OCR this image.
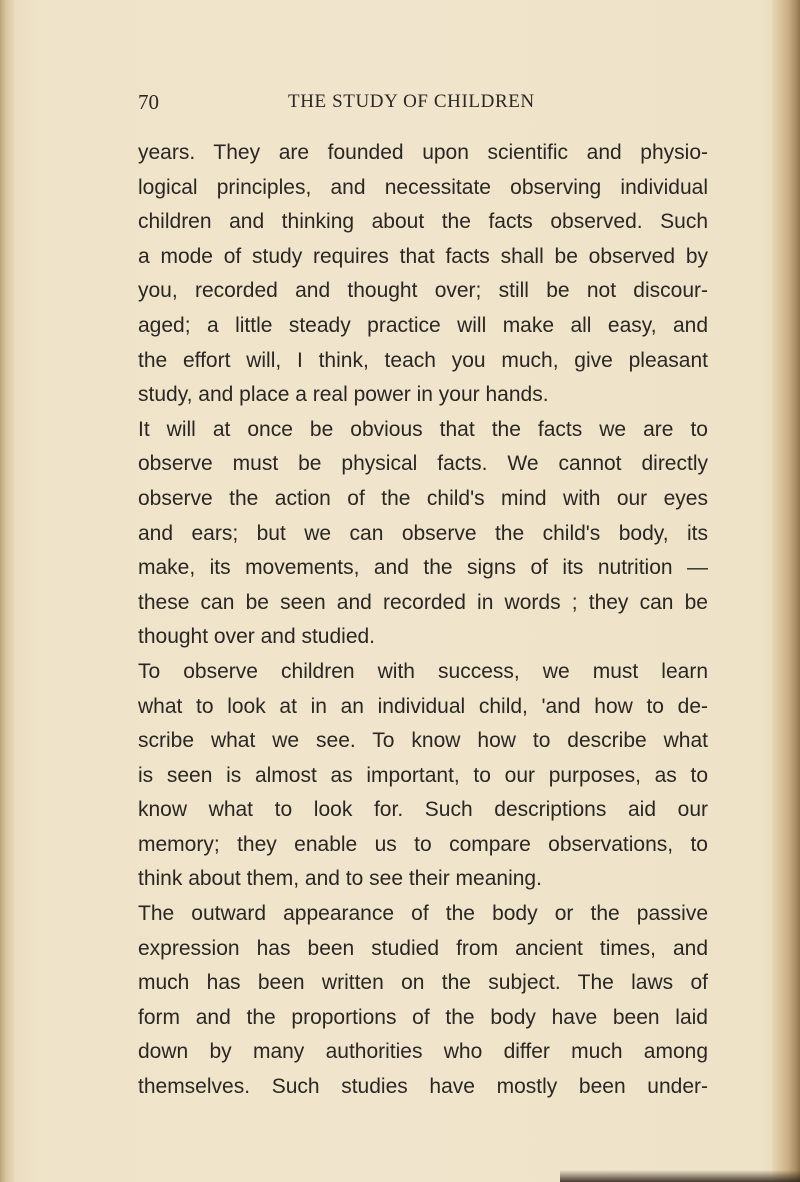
70	THE STUDY OF CHILDREN
years. They are founded upon scientific and physio-
logical principles, and necessitate observing individual
children and thinking about the facts observed. Such
a mode of study requires that facts shall be observed by
you, recorded and thought over; still be not discour-
aged; a little steady practice will make all easy, and
the effort will, I think, teach you much, give pleasant
study, and place a real power in your hands.
It will at once be obvious that the facts we are to
observe must be physical facts. We cannot directly
observe the action of the child's mind with our eyes
and ears; but we can observe the child's body, its
make, its movements, and the signs of its nutrition —
these can be seen and recorded in words ; they can be
thought over and studied.
To observe children with success, we must learn
what to look at in an individual child, 'and how to de-
scribe what we see. To know how to describe what
is seen is almost as important, to our purposes, as to
know what to look for. Such descriptions aid our
memory; they enable us to compare observations, to
think about them, and to see their meaning.
The outward appearance of the body or the passive
expression has been studied from ancient times, and
much has been written on the subject. The laws of
form and the proportions of the body have been laid
down by many authorities who differ much among
themselves. Such studies have mostly been under-
